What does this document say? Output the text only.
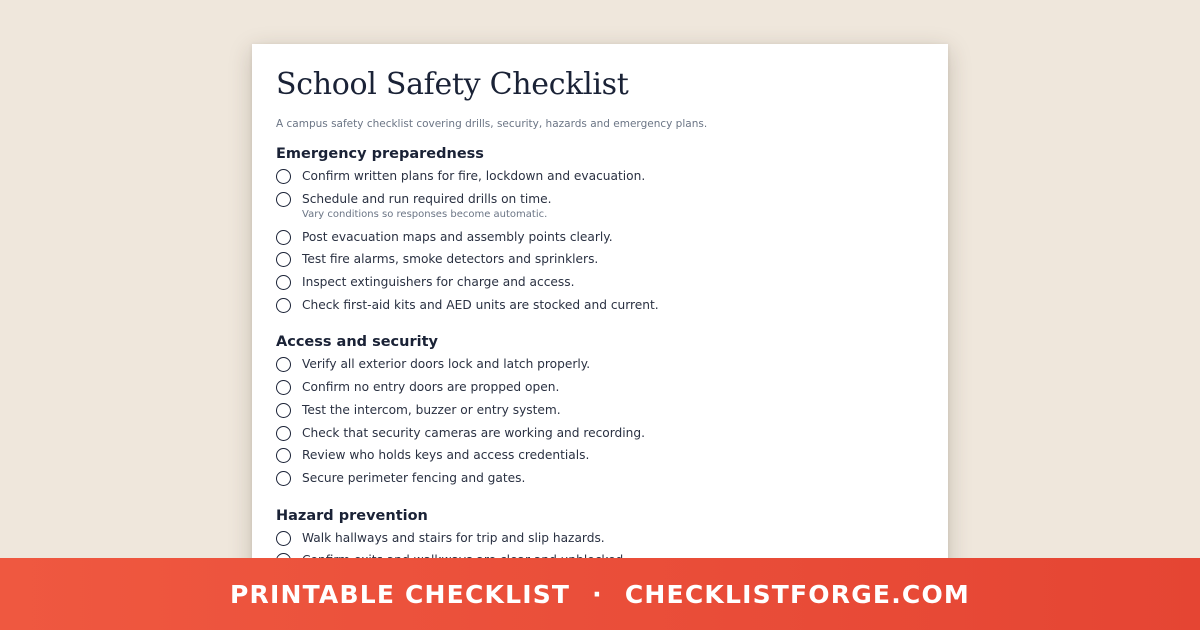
School Safety Checklist

A campus safety checklist covering drills, security, hazards and emergency plans.

Emergency preparedness
Confirm written plans for fire, lockdown and evacuation.
Schedule and run required drills on time.
Vary conditions so responses become automatic.
Post evacuation maps and assembly points clearly.
Test fire alarms, smoke detectors and sprinklers.
Inspect extinguishers for charge and access.
Check first-aid kits and AED units are stocked and current.
Access and security
Verify all exterior doors lock and latch properly.
Confirm no entry doors are propped open.
Test the intercom, buzzer or entry system.
Check that security cameras are working and recording.
Review who holds keys and access credentials.
Secure perimeter fencing and gates.
Hazard prevention
Walk hallways and stairs for trip and slip hazards.
PRINTABLE CHECKLIST · CHECKLISTFORGE.COM
